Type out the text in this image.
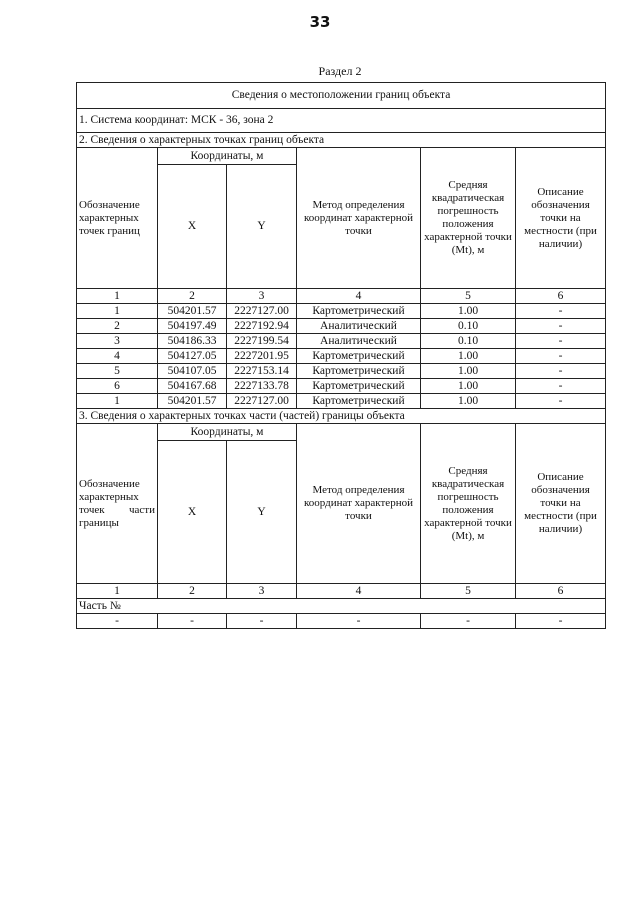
33
Раздел 2
Сведения о местоположении границ объекта					
1. Система координат: МСК - 36, зона 2					
2. Сведения о характерных точках границ объекта					
Обозначение характерных точек границ	Координаты, м		Метод определения координат характерной точки	Средняя квадратическая погрешность положения характерной точки (Mt), м	Описание обозначения точки на местности (при наличии)
	X	Y			
1	2	3	4	5	6
1	504201.57	2227127.00	Картометрический	1.00	-
2	504197.49	2227192.94	Аналитический	0.10	-
3	504186.33	2227199.54	Аналитический	0.10	-
4	504127.05	2227201.95	Картометрический	1.00	-
5	504107.05	2227153.14	Картометрический	1.00	-
6	504167.68	2227133.78	Картометрический	1.00	-
1	504201.57	2227127.00	Картометрический	1.00	-
3. Сведения о характерных точках части (частей) границы объекта					
Обозначение характерных точек части границы	Координаты, м		Метод определения координат характерной точки	Средняя квадратическая погрешность положения характерной точки (Mt), м	Описание обозначения точки на местности (при наличии)
	X	Y			
1	2	3	4	5	6
Часть №					
-	-	-	-	-	-
